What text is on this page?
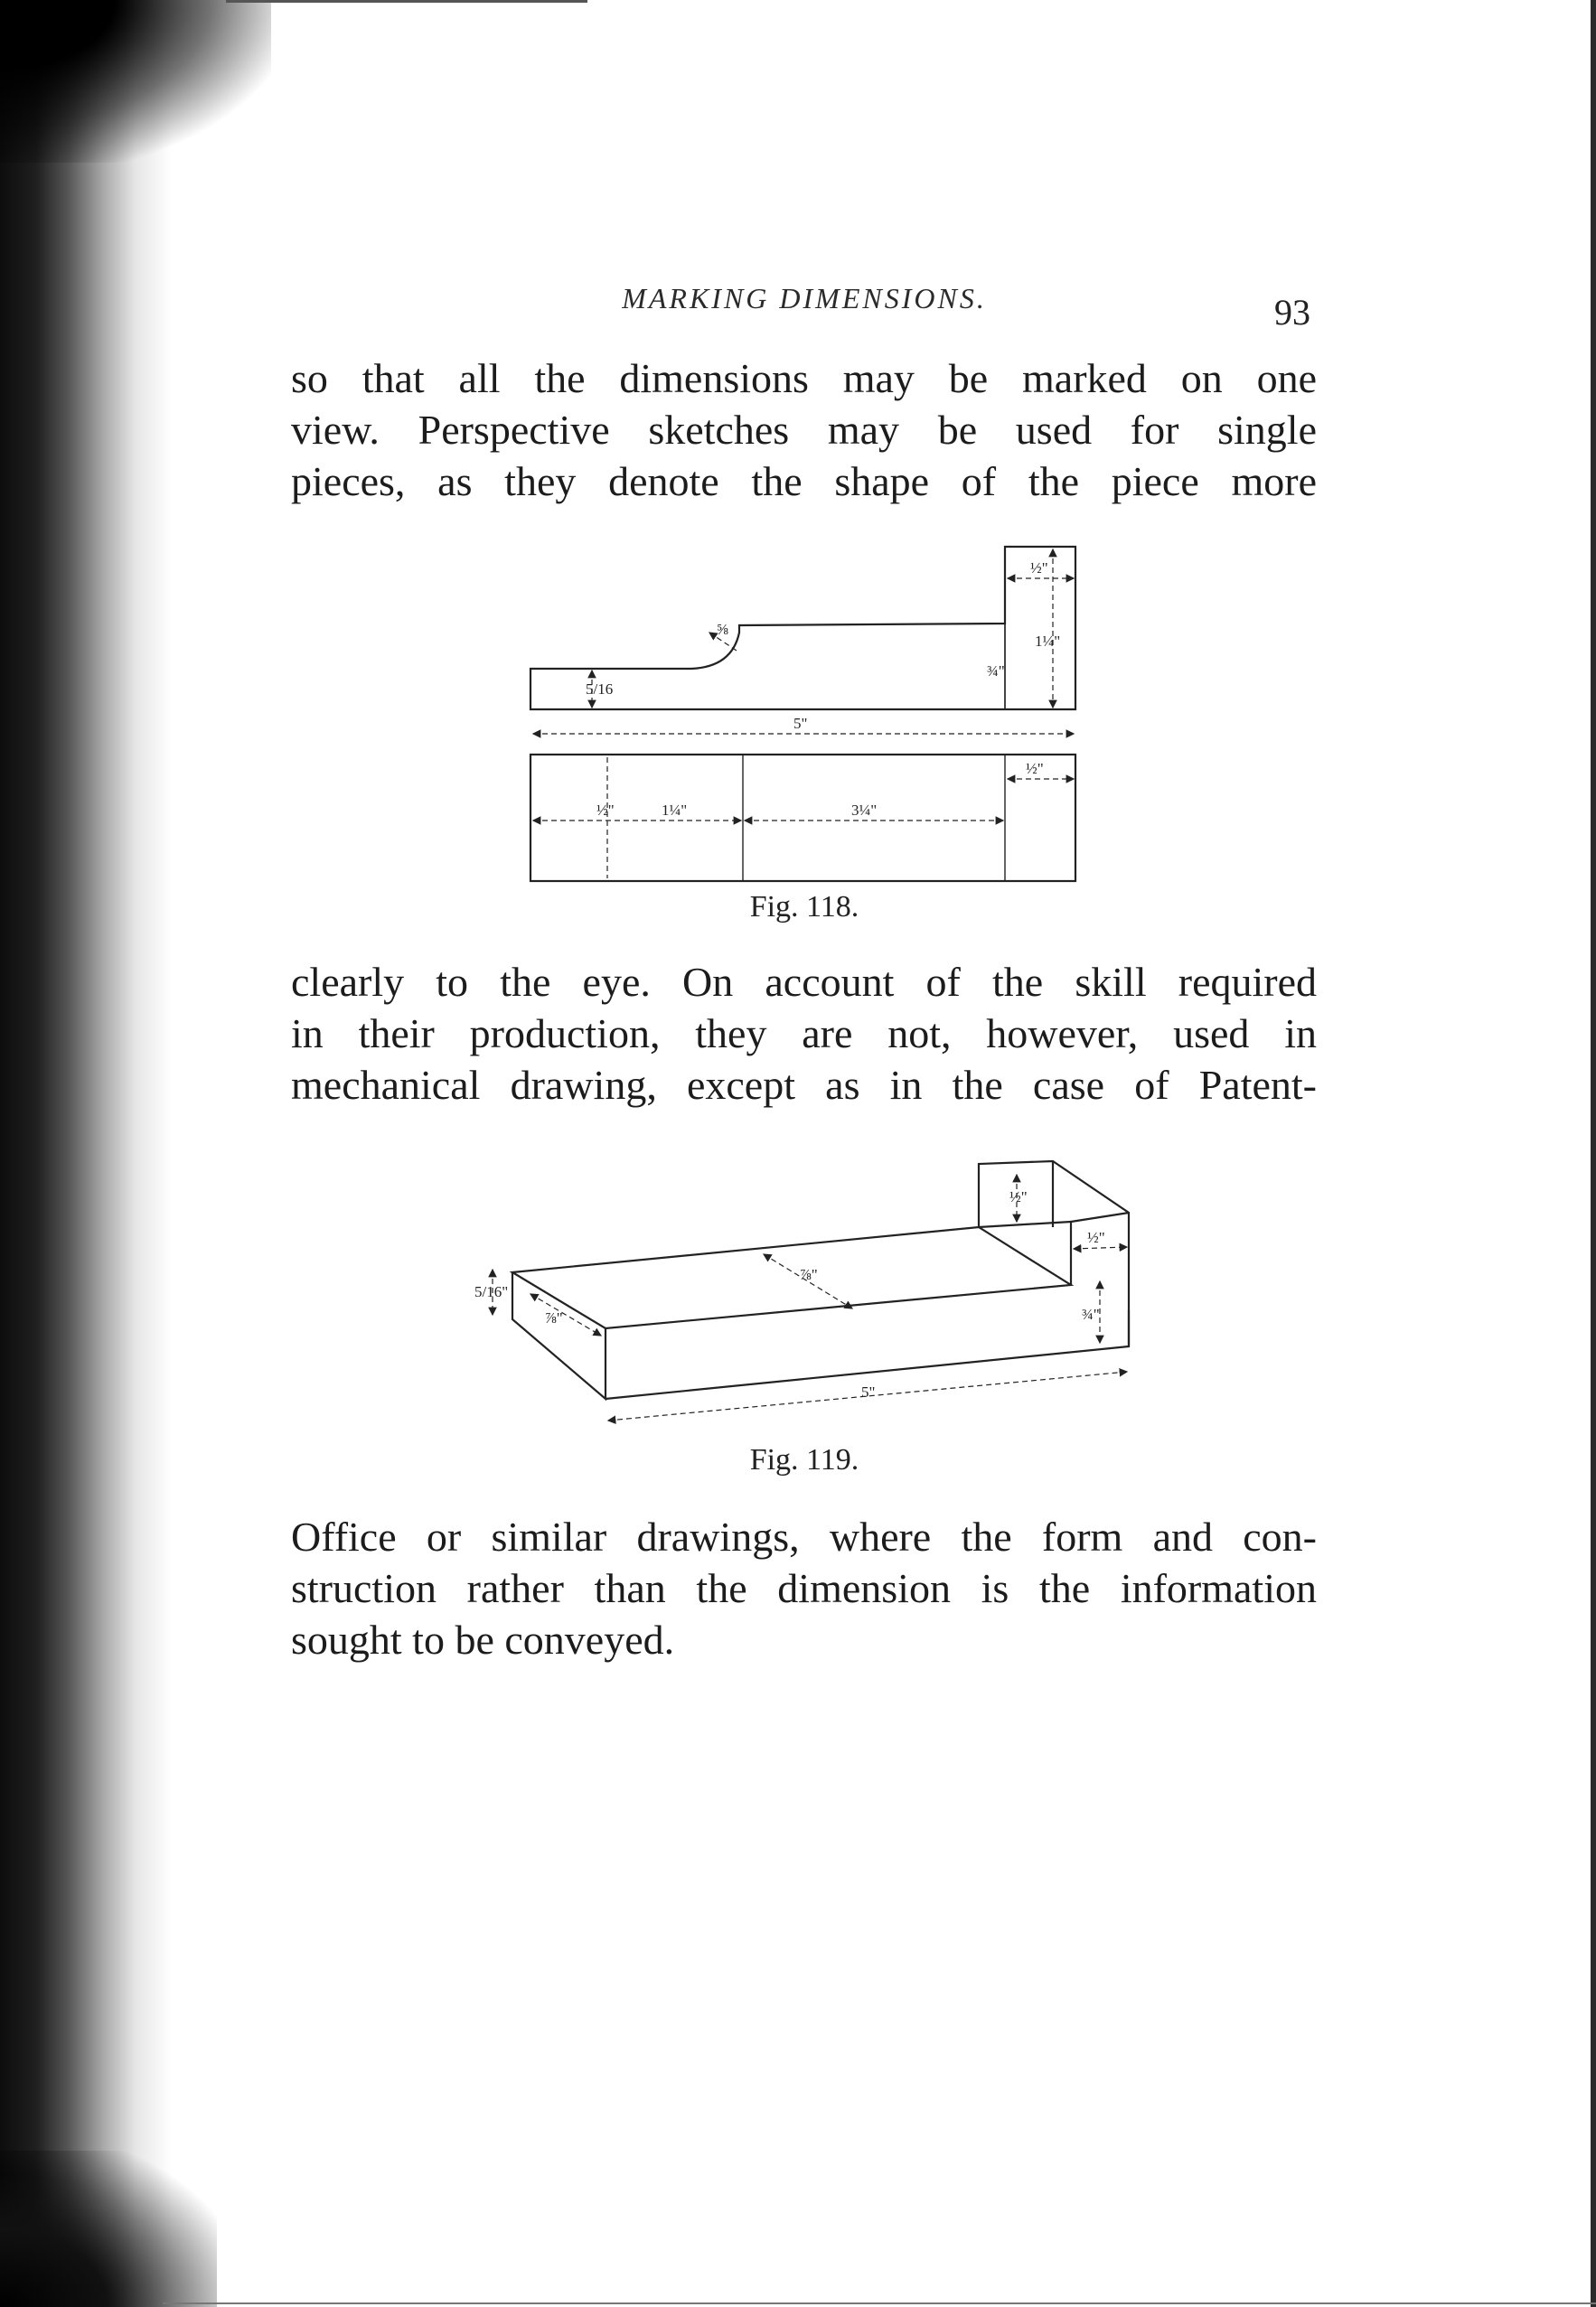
MARKING DIMENSIONS.	93
so that all the dimensions may be marked on one
view. Perspective sketches may be used for single
pieces, as they denote the shape of the piece more
5/16
⅝
¾"
1¼"
½"
5"
½"	1¼"	3¼"
½"
Fig. 118.
clearly to the eye. On account of the skill required
in their production, they are not, however, used in
mechanical drawing, except as in the case of Patent-
5/16"
⅞"
⅞"
½"
½"
¾"
5"
Fig. 119.
Office or similar drawings, where the form and con-
struction rather than the dimension is the information
sought to be conveyed.
